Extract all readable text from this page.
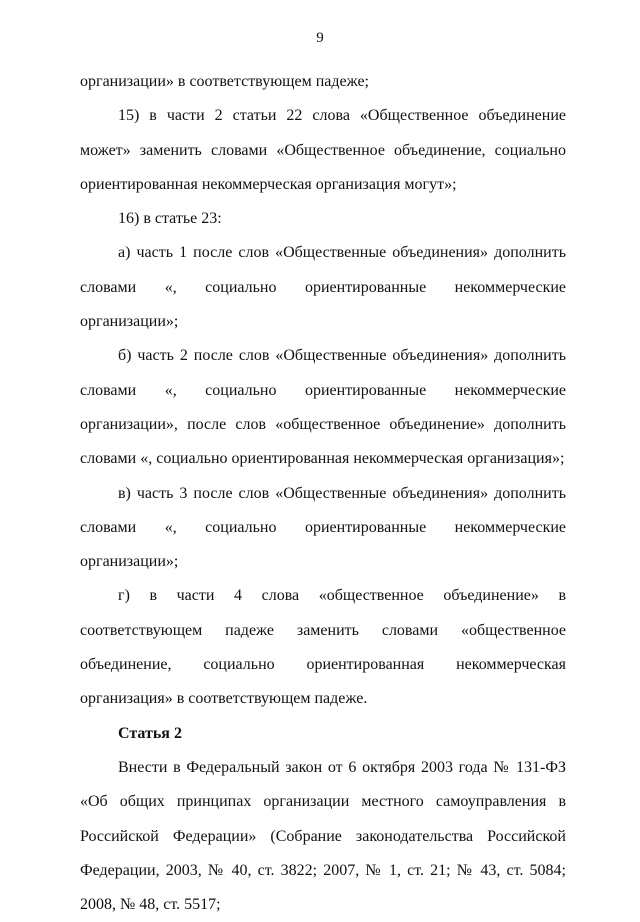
9

организации» в соответствующем падеже;

15) в части 2 статьи 22 слова «Общественное объединение может» заменить словами «Общественное объединение, социально ориентированная некоммерческая организация могут»;

16) в статье 23:

а) часть 1 после слов «Общественные объединения» дополнить словами «, социально ориентированные некоммерческие организации»;

б) часть 2 после слов «Общественные объединения» дополнить словами «, социально ориентированные некоммерческие организации», после слов «общественное объединение» дополнить словами «, социально ориентированная некоммерческая организация»;

в) часть 3 после слов «Общественные объединения» дополнить словами «, социально ориентированные некоммерческие организации»;

г) в части 4 слова «общественное объединение» в соответствующем падеже заменить словами «общественное объединение, социально ориентированная некоммерческая организация» в соответствующем падеже.

Статья 2

Внести в Федеральный закон от 6 октября 2003 года № 131-ФЗ «Об общих принципах организации местного самоуправления в Российской Федерации» (Собрание законодательства Российской Федерации, 2003, № 40, ст. 3822; 2007, № 1, ст. 21; № 43, ст. 5084; 2008, № 48, ст. 5517;
